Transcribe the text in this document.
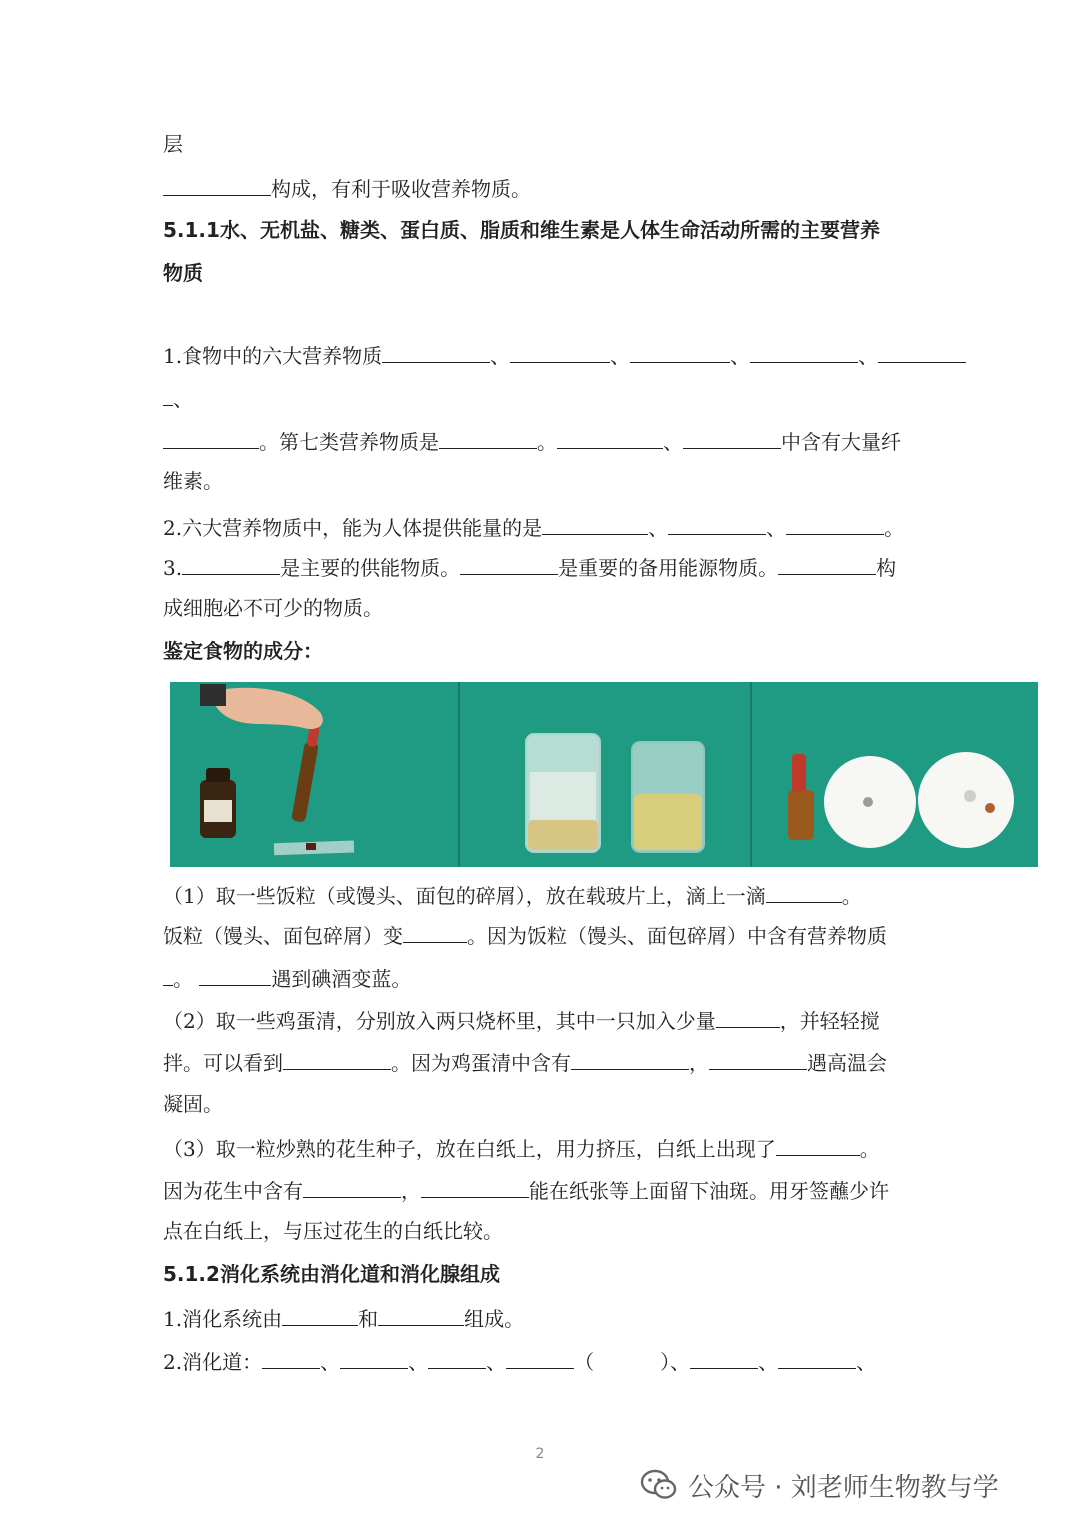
层
构成，有利于吸收营养物质。
5.1.1水、无机盐、糖类、蛋白质、脂质和维生素是人体生命活动所需的主要营养
物质
1.食物中的六大营养物质	、	、	、	、
、
。第七类营养物质是	。	、	中含有大量纤
维素。
2.六大营养物质中，能为人体提供能量的是	、	、	。
3.	是主要的供能物质。	是重要的备用能源物质。	构
成细胞必不可少的物质。
鉴定食物的成分：
（1）取一些饭粒（或馒头、面包的碎屑），放在载玻片上，滴上一滴	。
饭粒（馒头、面包碎屑）变	。因为饭粒（馒头、面包碎屑）中含有营养物质
。	遇到碘酒变蓝。
（2）取一些鸡蛋清，分别放入两只烧杯里，其中一只加入少量	，并轻轻搅
拌。可以看到	。因为鸡蛋清中含有	，	遇高温会
凝固。
（3）取一粒炒熟的花生种子，放在白纸上，用力挤压，白纸上出现了	。
因为花生中含有	，	能在纸张等上面留下油斑。用牙签蘸少许
点在白纸上，与压过花生的白纸比较。
5.1.2消化系统由消化道和消化腺组成
1.消化系统由	和	组成。
2.消化道：	、	、	、	（	）、	、	、
2
公众号 · 刘老师生物教与学
